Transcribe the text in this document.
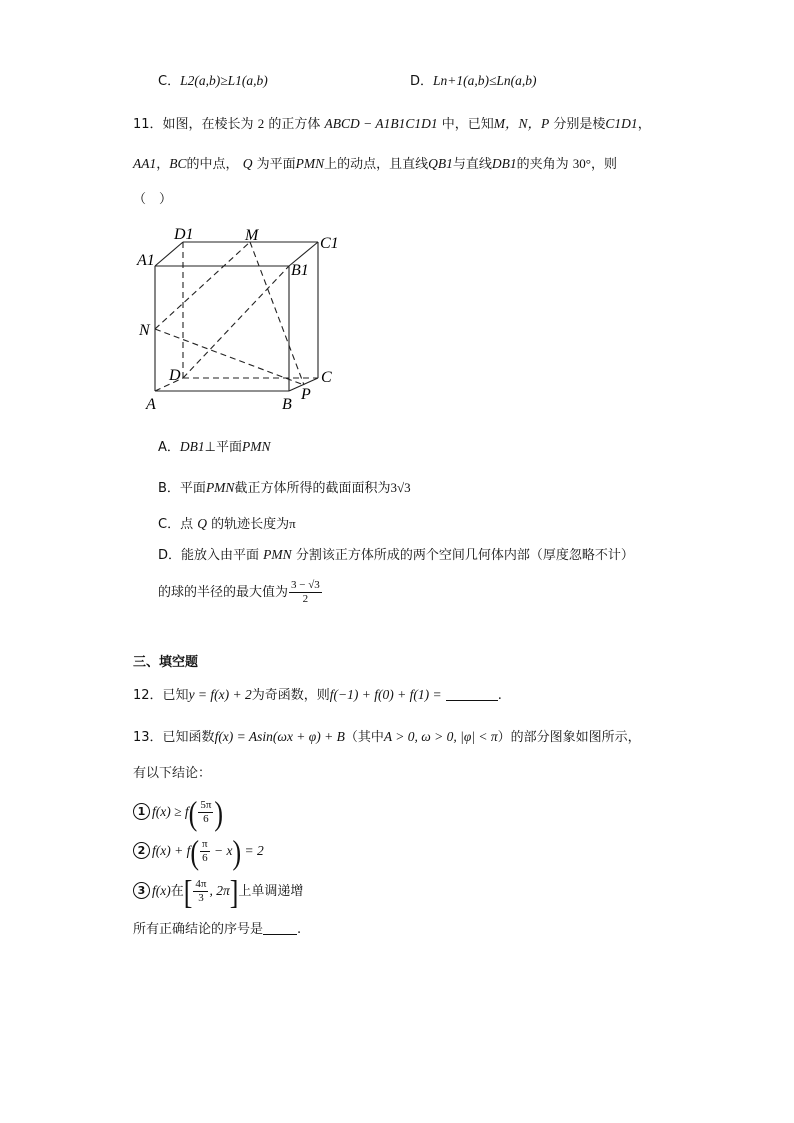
C．L2(a,b)≥L1(a,b)	D．Ln+1(a,b)≤Ln(a,b)
11．如图，在棱长为 2 的正方体 ABCD − A1B1C1D1 中，已知M，N，P 分别是棱C1D1，
AA1，BC的中点， Q 为平面PMN上的动点，且直线QB1与直线DB1的夹角为 30°，则
（　）
D1	M	C1
A1
B1
N
D	C
A	B
P
A．DB1⊥平面PMN
B．平面PMN截正方体所得的截面面积为3√3
C．点 Q 的轨迹长度为π
D．能放入由平面 PMN 分割该正方体所成的两个空间几何体内部（厚度忽略不计）
的球的半径的最大值为 $\frac{3 - √3}{2}$
三、填空题
12．已知y = f(x) + 2为奇函数，则f(−1) + f(0) + f(1) =	.
13．已知函数f(x) = Asin(ωx + φ) + B（其中A > 0, ω > 0, |φ| < π）的部分图象如图所示，
有以下结论：
1 $f(x) \ge f( \frac{5\pi}{6}$ )
2 $f(x) + f( \frac{\pi}{6} - x) = 2$
3 f(x)在[ $\frac{4\pi}{3}$ , 2π]上单调递增
所有正确结论的序号是	.
